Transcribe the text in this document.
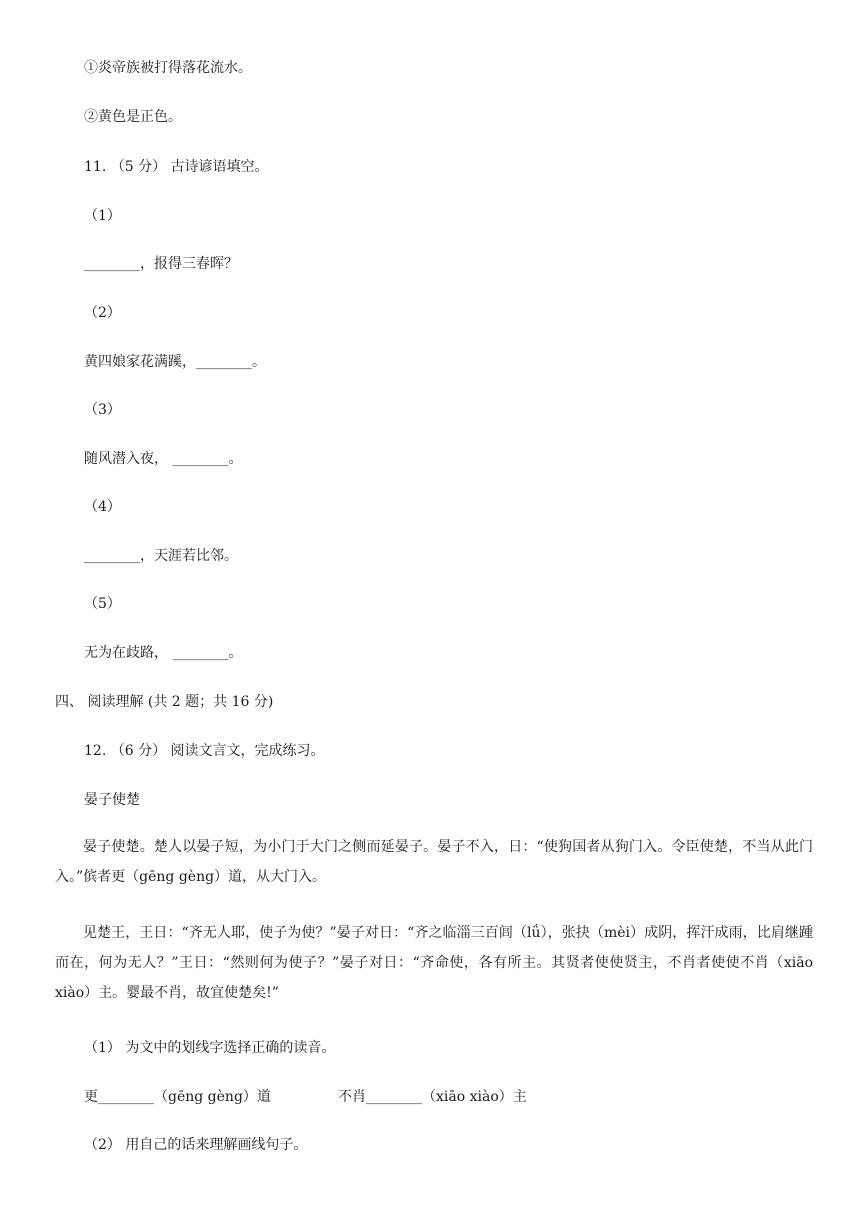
①炎帝族被打得落花流水。
②黄色是正色。
11. （5 分） 古诗谚语填空。
（1）
________，报得三春晖？
（2）
黄四娘家花满蹊，________。
（3）
随风潜入夜， ________。
（4）
________，天涯若比邻。
（5）
无为在歧路， ________。
四、 阅读理解 (共 2 题；共 16 分)
12. （6 分） 阅读文言文，完成练习。
晏子使楚
晏子使楚。楚人以晏子短，为小门于大门之侧而延晏子。晏子不入，日：“使狗国者从狗门入。令臣使楚，不当从此门入。”傧者更（gēng gèng）道，从大门入。
见楚王，王日：“齐无人耶，使子为使？”晏子对日：“齐之临淄三百闾（lǘ），张抉（mèi）成阴，挥汗成雨，比肩继踵而在，何为无人？”王日：“然则何为使子？”晏子对日：“齐命使，各有所主。其贤者使使贤主，不肖者使使不肖（xiāo xiào）主。婴最不肖，故宜使楚矣!”
（1） 为文中的划线字选择正确的读音。
更________（gēng gèng）道	不肖________（xiāo xiào）主
（2） 用自己的话来理解画线句子。
